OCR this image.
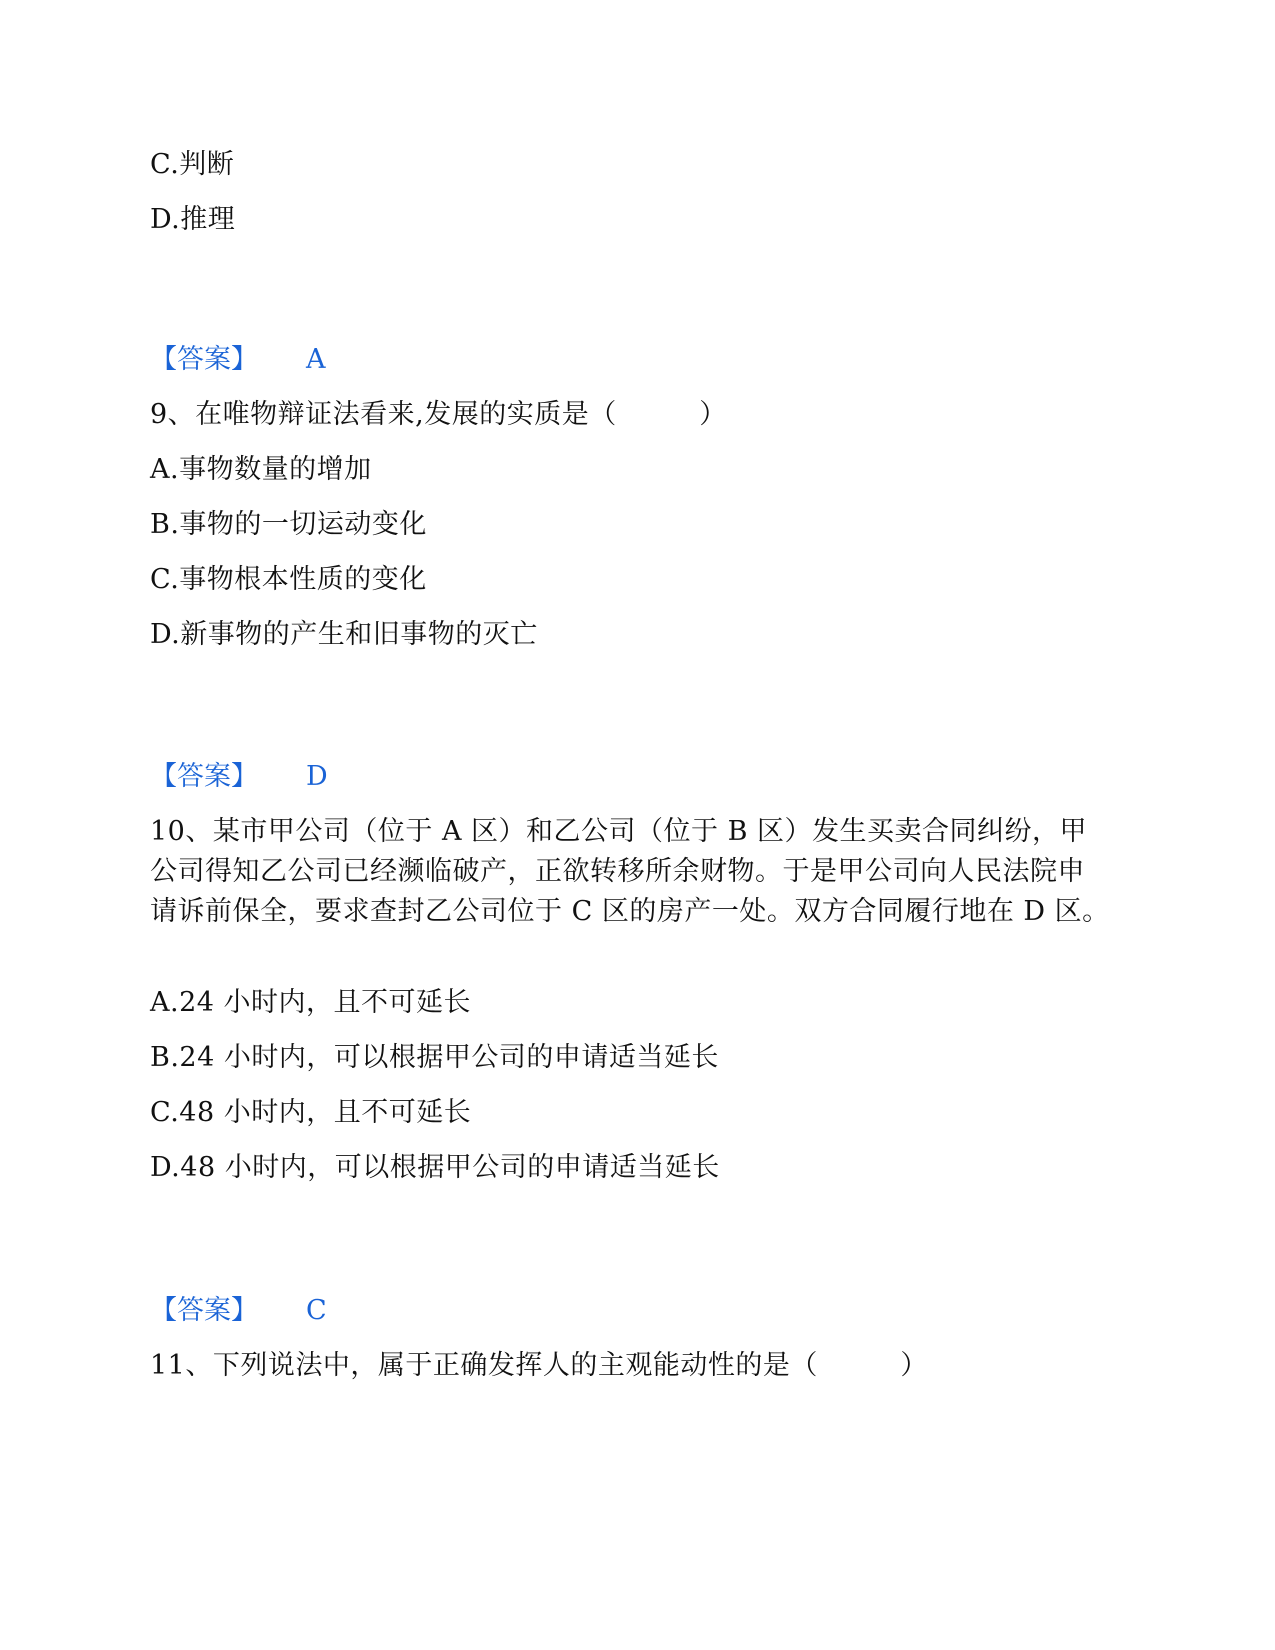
C.判断
D.推理
【答案】 A
9、在唯物辩证法看来,发展的实质是（　　　）
A.事物数量的增加
B.事物的一切运动变化
C.事物根本性质的变化
D.新事物的产生和旧事物的灭亡
【答案】 D
10、某市甲公司（位于 A 区）和乙公司（位于 B 区）发生买卖合同纠纷，甲公司得知乙公司已经濒临破产，正欲转移所余财物。于是甲公司向人民法院申请诉前保全，要求查封乙公司位于 C 区的房产一处。双方合同履行地在 D 区。
A.24 小时内，且不可延长
B.24 小时内，可以根据甲公司的申请适当延长
C.48 小时内，且不可延长
D.48 小时内，可以根据甲公司的申请适当延长
【答案】 C
11、下列说法中，属于正确发挥人的主观能动性的是（　　　）
